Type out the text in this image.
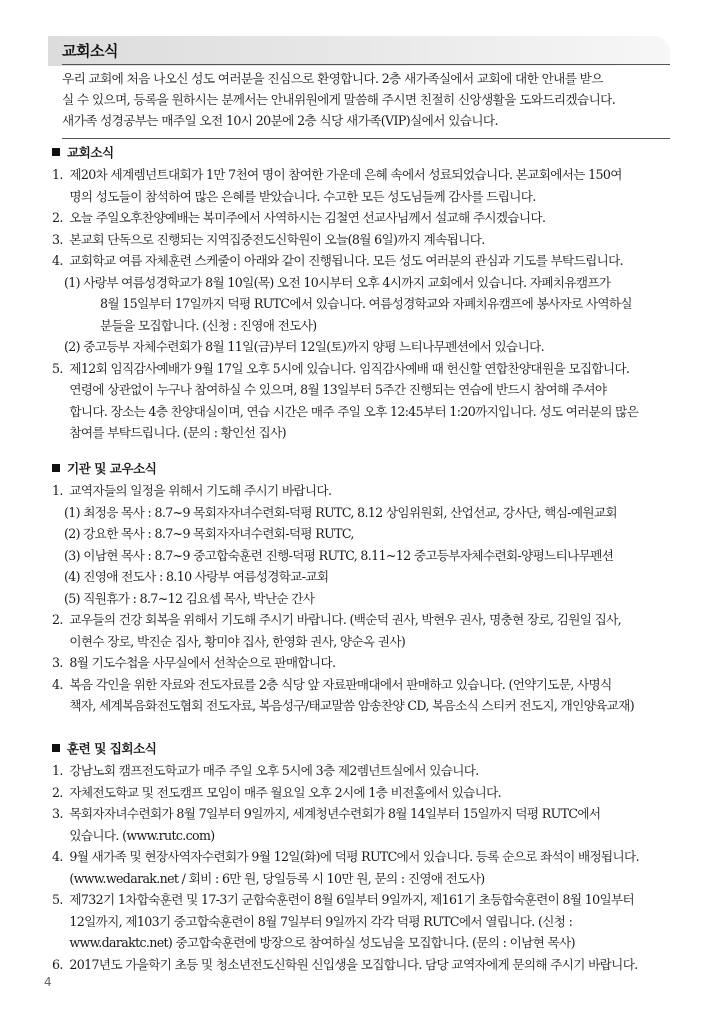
교회소식
우리 교회에 처음 나오신 성도 여러분을 진심으로 환영합니다. 2층 새가족실에서 교회에 대한 안내를 받으
실 수 있으며, 등록을 원하시는 분께서는 안내위원에게 말씀해 주시면 친절히 신앙생활을 도와드리겠습니다.
새가족 성경공부는 매주일 오전 10시 20분에 2층 식당 새가족(VIP)실에서 있습니다.
교회소식
1. 제20차 세계렘넌트대회가 1만 7천여 명이 참여한 가운데 은혜 속에서 성료되었습니다. 본교회에서는 150여
명의 성도들이 참석하여 많은 은혜를 받았습니다. 수고한 모든 성도님들께 감사를 드립니다.
2. 오늘 주일오후찬양예배는 복미주에서 사역하시는 김철연 선교사님께서 설교해 주시겠습니다.
3. 본교회 단독으로 진행되는 지역집중전도신학원이 오늘(8월 6일)까지 계속됩니다.
4. 교회학교 여름 자체훈련 스케줄이 아래와 같이 진행됩니다. 모든 성도 여러분의 관심과 기도를 부탁드립니다.
(1) 사랑부 여름성경학교가 8월 10일(목) 오전 10시부터 오후 4시까지 교회에서 있습니다. 자폐치유캠프가
8월 15일부터 17일까지 덕평 RUTC에서 있습니다. 여름성경학교와 자폐치유캠프에 봉사자로 사역하실
분들을 모집합니다. (신청 : 진영애 전도사)
(2) 중고등부 자체수련회가 8월 11일(금)부터 12일(토)까지 양평 느티나무펜션에서 있습니다.
5. 제12회 임직감사예배가 9월 17일 오후 5시에 있습니다. 임직감사예배 때 헌신할 연합찬양대원을 모집합니다.
연령에 상관없이 누구나 참여하실 수 있으며, 8월 13일부터 5주간 진행되는 연습에 반드시 참여해 주셔야
합니다. 장소는 4층 찬양대실이며, 연습 시간은 매주 주일 오후 12:45부터 1:20까지입니다. 성도 여러분의 많은
참여를 부탁드립니다. (문의 : 황인선 집사)
기관 및 교우소식
1. 교역자들의 일정을 위해서 기도해 주시기 바랍니다.
(1) 최정응 목사 : 8.7~9 목회자자녀수련회-덕평 RUTC, 8.12 상임위원회, 산업선교, 강사단, 핵심-예원교회
(2) 강요한 목사 : 8.7~9 목회자자녀수련회-덕평 RUTC,
(3) 이남현 목사 : 8.7~9 중고합숙훈련 진행-덕평 RUTC, 8.11~12 중고등부자체수련회-양평느티나무펜션
(4) 진영애 전도사 : 8.10 사랑부 여름성경학교-교회
(5) 직원휴가 : 8.7~12 김요셉 목사, 박난순 간사
2. 교우들의 건강 회복을 위해서 기도해 주시기 바랍니다. (백순덕 권사, 박현우 권사, 명충현 장로, 김원일 집사,
이현수 장로, 박진순 집사, 황미야 집사, 한영화 권사, 양순옥 권사)
3. 8월 기도수첩을 사무실에서 선착순으로 판매합니다.
4. 복음 각인을 위한 자료와 전도자료를 2층 식당 앞 자료판매대에서 판매하고 있습니다. (언약기도문, 사명식
책자, 세계복음화전도협회 전도자료, 복음성구/태교말씀 암송찬양 CD, 복음소식 스티커 전도지, 개인양육교재)
훈련 및 집회소식
1. 강남노회 캠프전도학교가 매주 주일 오후 5시에 3층 제2렘넌트실에서 있습니다.
2. 자체전도학교 및 전도캠프 모임이 매주 월요일 오후 2시에 1층 비전홀에서 있습니다.
3. 목회자자녀수련회가 8월 7일부터 9일까지, 세계청년수련회가 8월 14일부터 15일까지 덕평 RUTC에서
있습니다. (www.rutc.com)
4. 9월 새가족 및 현장사역자수련회가 9월 12일(화)에 덕평 RUTC에서 있습니다. 등록 순으로 좌석이 배정됩니다.
(www.wedarak.net / 회비 : 6만 원, 당일등록 시 10만 원, 문의 : 진영애 전도사)
5. 제732기 1차합숙훈련 및 17-3기 군합숙훈련이 8월 6일부터 9일까지, 제161기 초등합숙훈련이 8월 10일부터
12일까지, 제103기 중고합숙훈련이 8월 7일부터 9일까지 각각 덕평 RUTC에서 열립니다. (신청 :
www.daraktc.net) 중고합숙훈련에 방장으로 참여하실 성도님을 모집합니다. (문의 : 이남현 목사)
6. 2017년도 가을학기 초등 및 청소년전도신학원 신입생을 모집합니다. 담당 교역자에게 문의해 주시기 바랍니다.
4
